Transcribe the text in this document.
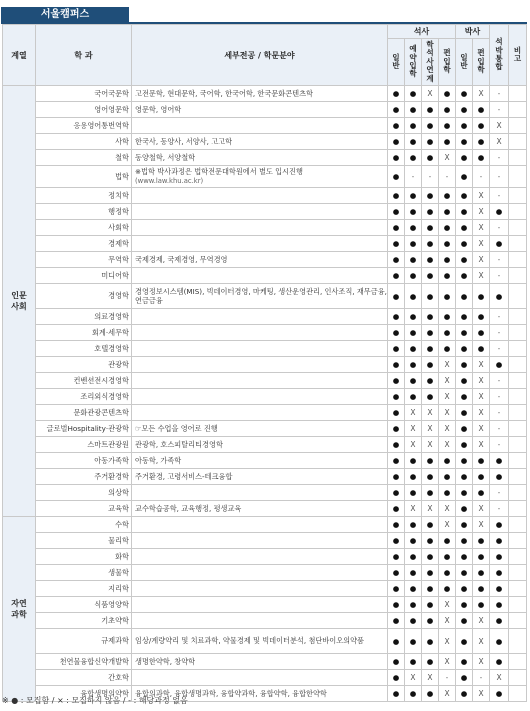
서울캠퍼스
계열	학 과	세부전공 / 학문분야	석사				박사		석박통합	비고
			일반	예약입학	학석사연계	편입학	일반	편입학		

인문
사회	국어국문학	고전문학, 현대문학, 국어학, 한국어학, 한국문화콘텐츠학	●	●	X	●	●	X	-	
	영어영문학	영문학, 영어학	●	●	●	●	●	●	-	
	응용영어통번역학		●	●	●	●	●	●	X	
	사학	한국사, 동양사, 서양사, 고고학	●	●	●	●	●	●	X	
	철학	동양철학, 서양철학	●	●	●	X	●	●	-	
	법학	※법학 박사과정은 법학전문대학원에서 별도 입시진행
(www.law.khu.ac.kr)	●	-	-	-	●	-	-	
	정치학		●	●	●	●	●	X	-	
	행정학		●	●	●	●	●	X	●	
	사회학		●	●	●	●	●	X	-	
	경제학		●	●	●	●	●	X	●	
	무역학	국제경제, 국제경영, 무역경영	●	●	●	●	●	X	-	
	미디어학		●	●	●	●	●	X	-	
	경영학	경영정보시스템(MIS), 빅데이터경영, 마케팅, 생산운영관리, 인사조직, 재무금융, 연금금융	●	●	●	●	●	●	●	
	의료경영학		●	●	●	●	●	●	-	
	회계·세무학		●	●	●	●	●	●	-	
	호텔경영학		●	●	●	●	●	●	-	
	관광학		●	●	●	X	●	X	●	
	컨벤션전시경영학		●	●	●	X	●	X	-	
	조리외식경영학		●	●	●	X	●	X	-	
	문화관광콘텐츠학		●	X	X	X	●	X	-	
	글로벌Hospitality·관광학	☞모든 수업을 영어로 진행	●	X	X	X	●	X	-	
	스마트관광원	관광학, 호스피탈리티경영학	●	X	X	X	●	X	-	
	아동가족학	아동학, 가족학	●	●	●	●	●	●	●	
	주거환경학	주거환경, 고령서비스-테크융합	●	●	●	●	●	●	●	
	의상학		●	●	●	●	●	●	-	
	교육학	교수학습공학, 교육행정, 평생교육	●	X	X	X	●	X	-	

자연
과학	수학		●	●	●	X	●	X	●	
	물리학		●	●	●	●	●	●	●	
	화학		●	●	●	●	●	●	●	
	생물학		●	●	●	●	●	●	●	
	지리학		●	●	●	●	●	●	●	
	식품영양학		●	●	●	X	●	●	●	
	기초약학		●	●	●	X	●	X	●	
	규제과학	임상/계량약리 및 치료과학, 약물경제 및 빅데이터분석, 첨단바이오의약품	●	●	●	X	●	X	●	
	천연물융합신약개발학	생명한약학, 창약학	●	●	●	X	●	X	●	
	간호학		●	X	X	-	●	-	X	
	융합생명의약학	융합의과학, 융합생명과학, 융합약과학, 융합약학, 융합한약학	●	●	●	X	●	X	●	
※ ● : 모집함 / × : 모집하지 않음 / - : 해당과정 없음
